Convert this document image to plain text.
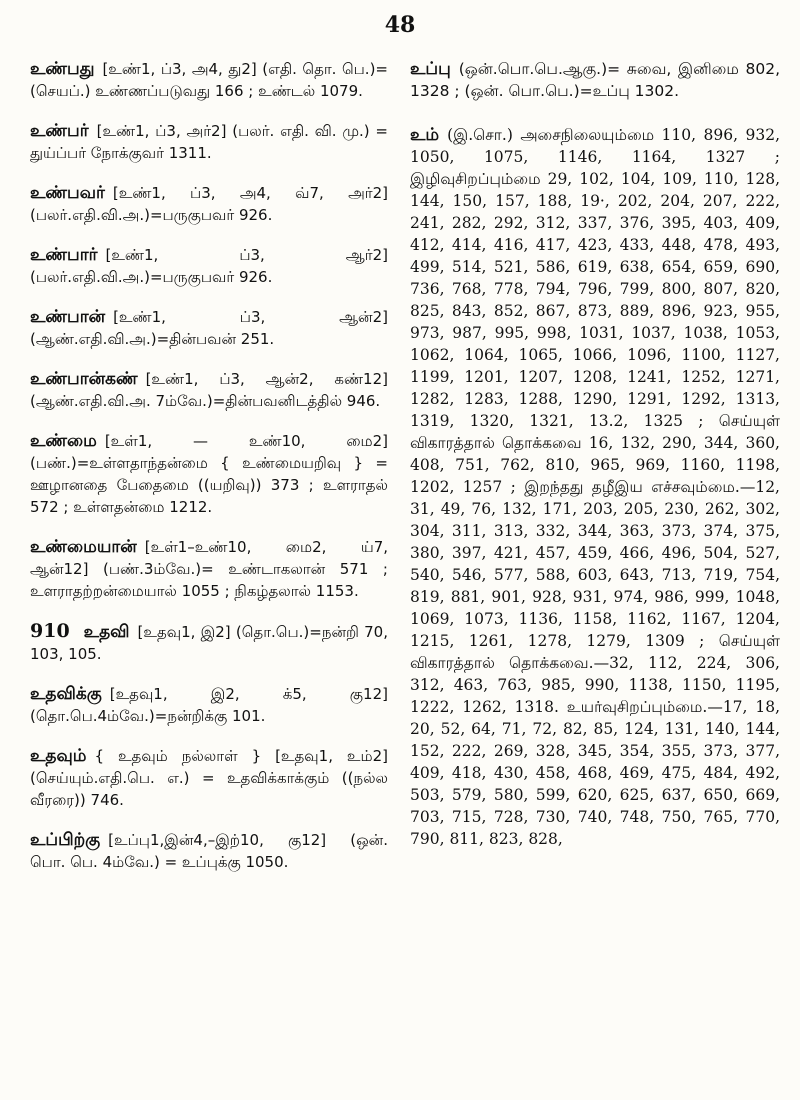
48
உண்பது [உண்1, ப்3, அ4, து2] (எதி. தொ. பெ.)=(செயப்.) உண்ணப்படுவது 166 ; உண்டல் 1079.
உண்பர் [உண்1, ப்3, அர்2] (பலர். எதி. வி. மு.) = துய்ப்பர் நோக்குவர் 1311.
உண்பவர் [உண்1, ப்3, அ4, வ்7, அர்2] (பலர்.எதி.வி.அ.)=பருகுபவர் 926.
உண்பார் [உண்1, ப்3, ஆர்2] (பலர்.எதி.வி.அ.)=பருகுபவர் 926.
உண்பான் [உண்1, ப்3, ஆன்2] (ஆண்.எதி.வி.அ.)=தின்பவன் 251.
உண்பான்கண் [உண்1, ப்3, ஆன்2, கண்12] (ஆண்.எதி.வி.அ. 7ம்வே.)=தின்பவனிடத்தில் 946.
உண்மை [உள்1, — உண்10, மை2] (பண்.)=உள்ளதாந்தன்மை { உண்மையறிவு } = ஊழானதை பேதைமை ((யறிவு)) 373 ; உளராதல் 572 ; உள்ளதன்மை 1212.
உண்மையான் [உள்1–உண்10, மை2, ய்7, ஆன்12] (பண்.3ம்வே.)= உண்டாகலான் 571 ; உளராதற்றன்மையால் 1055 ; நிகழ்தலால் 1153.
910 உதவி [உதவு1, இ2] (தொ.பெ.)=நன்றி 70, 103, 105.
உதவிக்கு [உதவு1, இ2, க்5, கு12] (தொ.பெ.4ம்வே.)=நன்றிக்கு 101.
உதவும் { உதவும் நல்லாள் } [உதவு1, உம்2] (செய்யும்.எதி.பெ. எ.) = உதவிக்காக்கும் ((நல்ல வீரரை)) 746.
உப்பிற்கு [உப்பு1,இன்4,–இற்10, கு12] (ஒன். பொ. பெ. 4ம்வே.) = உப்புக்கு 1050.
உப்பு (ஒன்.பொ.பெ.ஆகு.)= சுவை, இனிமை 802, 1328 ; (ஒன். பொ.பெ.)=உப்பு 1302.
உம் (இ.சொ.) அசைநிலையும்மை 110, 896, 932, 1050, 1075, 1146, 1164, 1327 ; இழிவுசிறப்பும்மை 29, 102, 104, 109, 110, 128, 144, 150, 157, 188, 19·, 202, 204, 207, 222, 241, 282, 292, 312, 337, 376, 395, 403, 409, 412, 414, 416, 417, 423, 433, 448, 478, 493, 499, 514, 521, 586, 619, 638, 654, 659, 690, 736, 768, 778, 794, 796, 799, 800, 807, 820, 825, 843, 852, 867, 873, 889, 896, 923, 955, 973, 987, 995, 998, 1031, 1037, 1038, 1053, 1062, 1064, 1065, 1066, 1096, 1100, 1127, 1199, 1201, 1207, 1208, 1241, 1252, 1271, 1282, 1283, 1288, 1290, 1291, 1292, 1313, 1319, 1320, 1321, 13.2, 1325 ; செய்யுள் விகாரத்தால் தொக்கவை 16, 132, 290, 344, 360, 408, 751, 762, 810, 965, 969, 1160, 1198, 1202, 1257 ; இறந்தது தழீஇய எச்சவும்மை.—12, 31, 49, 76, 132, 171, 203, 205, 230, 262, 302, 304, 311, 313, 332, 344, 363, 373, 374, 375, 380, 397, 421, 457, 459, 466, 496, 504, 527, 540, 546, 577, 588, 603, 643, 713, 719, 754, 819, 881, 901, 928, 931, 974, 986, 999, 1048, 1069, 1073, 1136, 1158, 1162, 1167, 1204, 1215, 1261, 1278, 1279, 1309 ; செய்யுள் விகாரத்தால் தொக்கவை.—32, 112, 224, 306, 312, 463, 763, 985, 990, 1138, 1150, 1195, 1222, 1262, 1318. உயர்வுசிறப்பும்மை.—17, 18, 20, 52, 64, 71, 72, 82, 85, 124, 131, 140, 144, 152, 222, 269, 328, 345, 354, 355, 373, 377, 409, 418, 430, 458, 468, 469, 475, 484, 492, 503, 579, 580, 599, 620, 625, 637, 650, 669, 703, 715, 728, 730, 740, 748, 750, 765, 770, 790, 811, 823, 828,
